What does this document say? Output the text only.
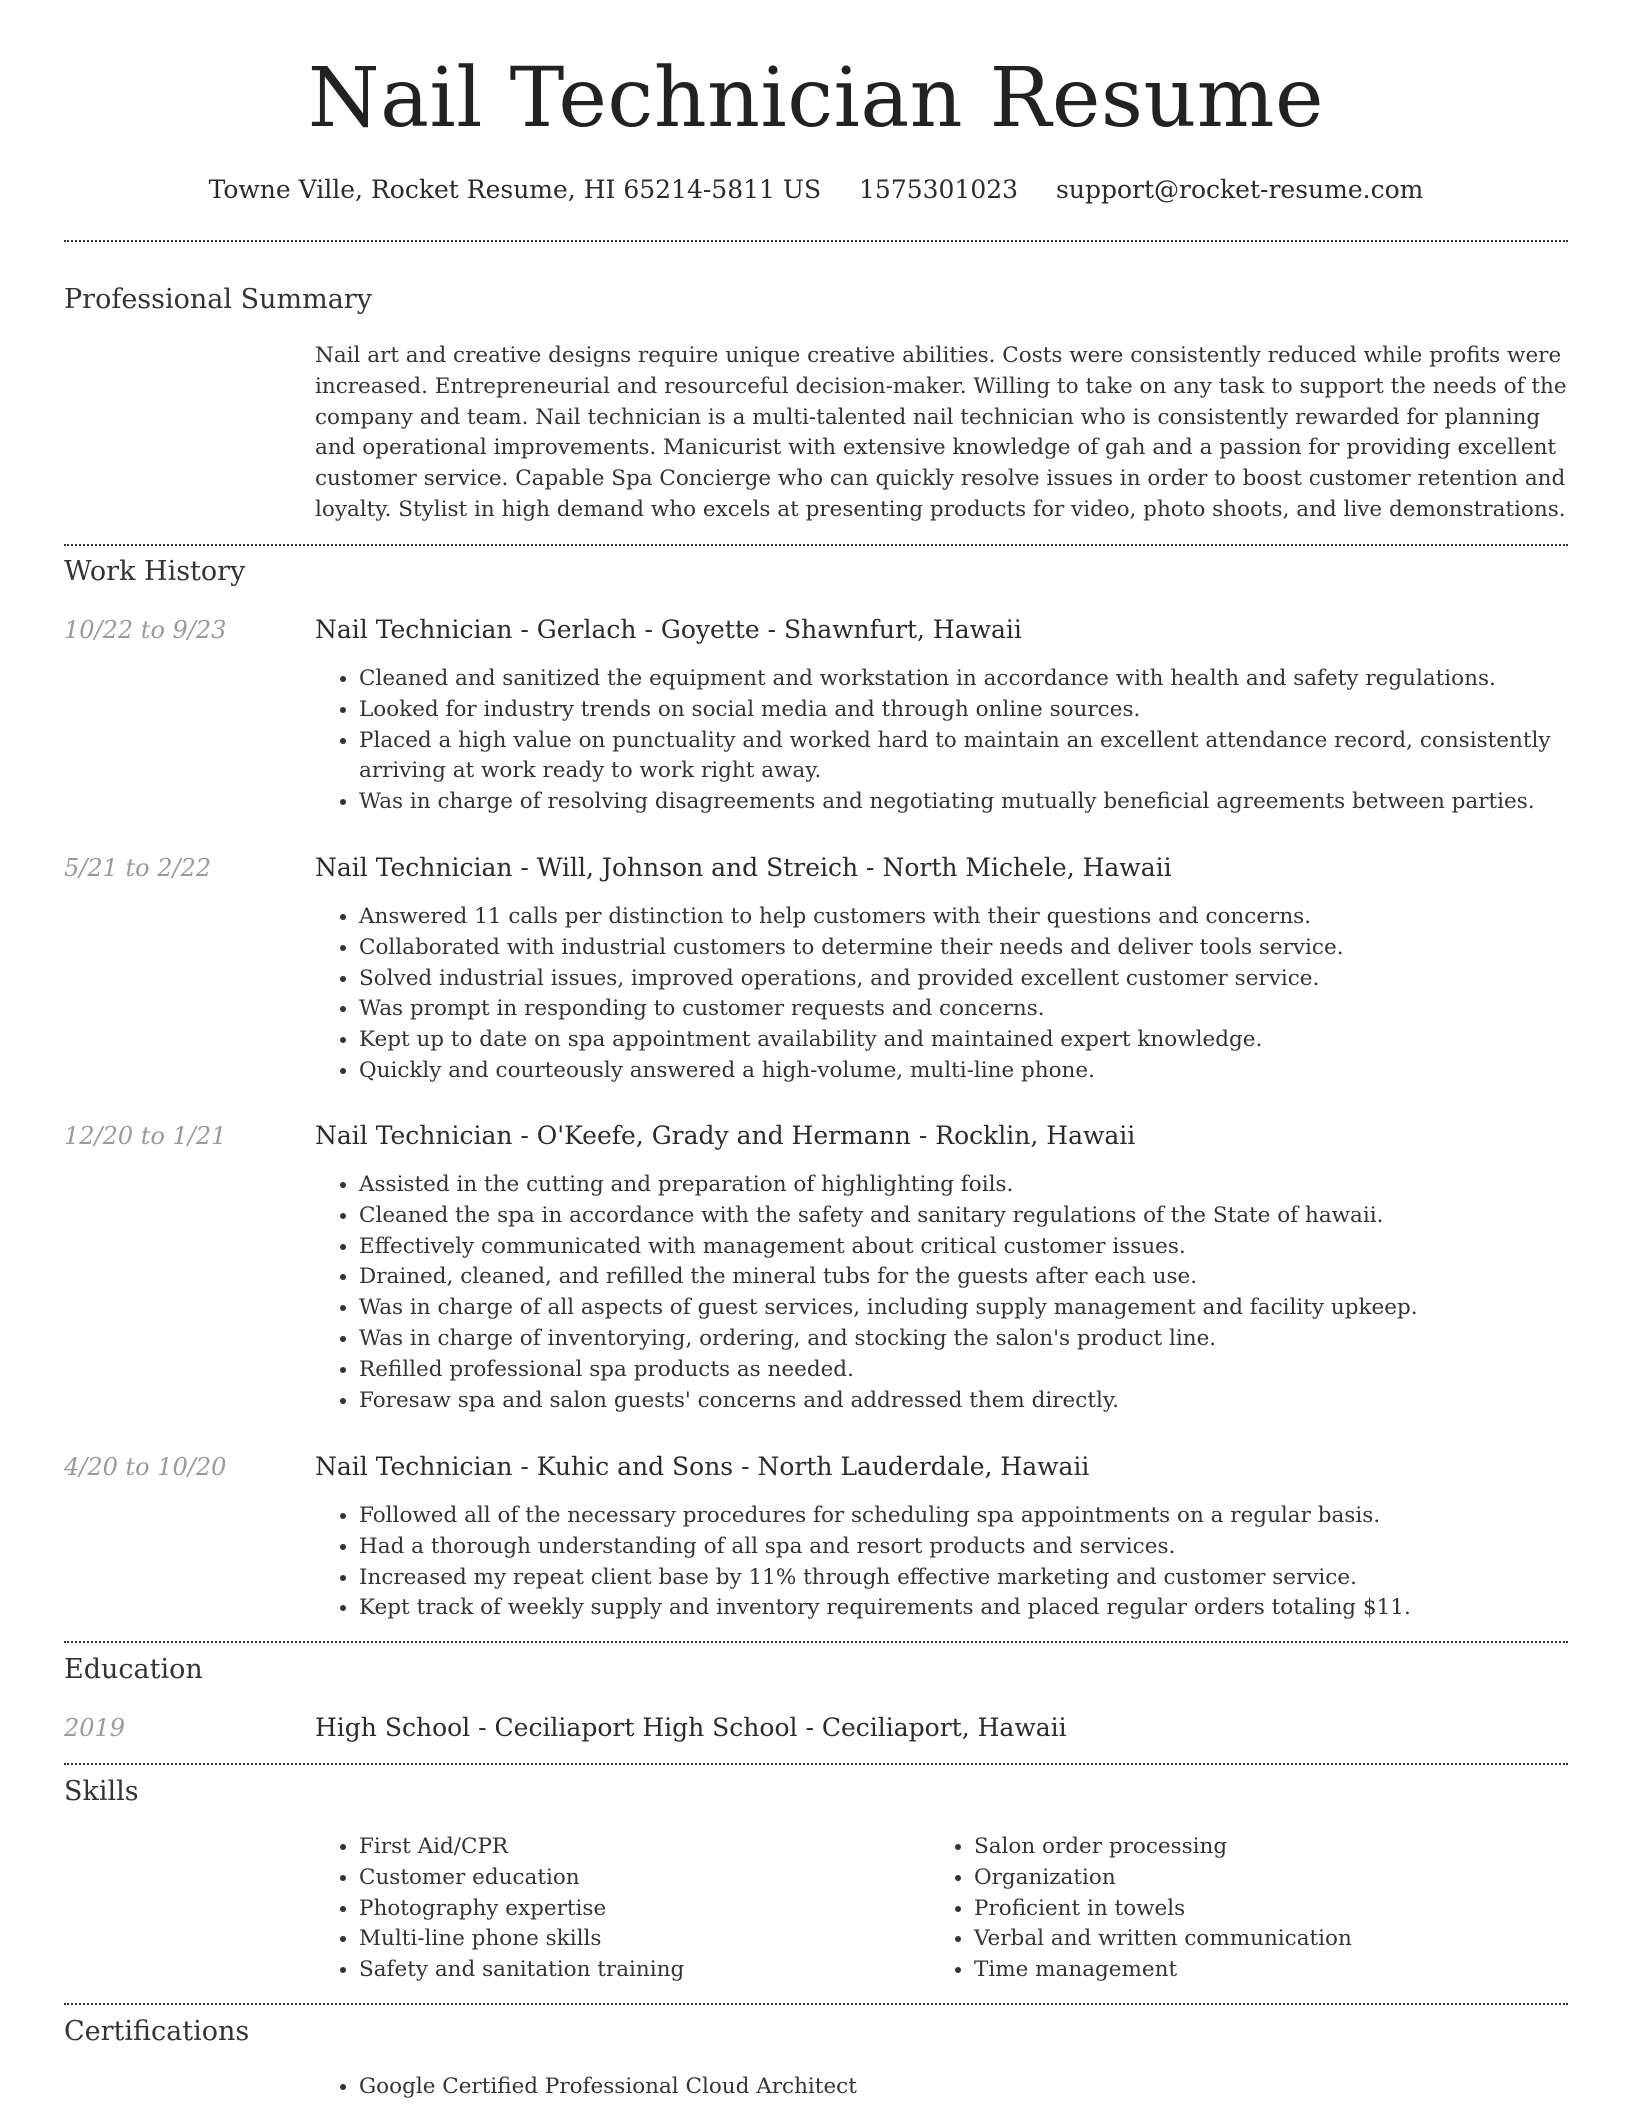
Nail Technician Resume
Towne Ville, Rocket Resume, HI 65214-5811 US 1575301023 support@rocket-resume.com
Professional Summary

Nail art and creative designs require unique creative abilities. Costs were consistently reduced while profits were increased. Entrepreneurial and resourceful decision-maker. Willing to take on any task to support the needs of the company and team. Nail technician is a multi-talented nail technician who is consistently rewarded for planning and operational improvements. Manicurist with extensive knowledge of gah and a passion for providing excellent customer service. Capable Spa Concierge who can quickly resolve issues in order to boost customer retention and loyalty. Stylist in high demand who excels at presenting products for video, photo shoots, and live demonstrations.

Work History
10/22 to 9/23	Nail Technician - Gerlach - Goyette - Shawnfurt, Hawaii
• Cleaned and sanitized the equipment and workstation in accordance with health and safety regulations.
• Looked for industry trends on social media and through online sources.
• Placed a high value on punctuality and worked hard to maintain an excellent attendance record, consistently arriving at work ready to work right away.
• Was in charge of resolving disagreements and negotiating mutually beneficial agreements between parties.
5/21 to 2/22	Nail Technician - Will, Johnson and Streich - North Michele, Hawaii
• Answered 11 calls per distinction to help customers with their questions and concerns.
• Collaborated with industrial customers to determine their needs and deliver tools service.
• Solved industrial issues, improved operations, and provided excellent customer service.
• Was prompt in responding to customer requests and concerns.
• Kept up to date on spa appointment availability and maintained expert knowledge.
• Quickly and courteously answered a high-volume, multi-line phone.
12/20 to 1/21	Nail Technician - O'Keefe, Grady and Hermann - Rocklin, Hawaii
• Assisted in the cutting and preparation of highlighting foils.
• Cleaned the spa in accordance with the safety and sanitary regulations of the State of hawaii.
• Effectively communicated with management about critical customer issues.
• Drained, cleaned, and refilled the mineral tubs for the guests after each use.
• Was in charge of all aspects of guest services, including supply management and facility upkeep.
• Was in charge of inventorying, ordering, and stocking the salon's product line.
• Refilled professional spa products as needed.
• Foresaw spa and salon guests' concerns and addressed them directly.
4/20 to 10/20	Nail Technician - Kuhic and Sons - North Lauderdale, Hawaii
• Followed all of the necessary procedures for scheduling spa appointments on a regular basis.
• Had a thorough understanding of all spa and resort products and services.
• Increased my repeat client base by 11% through effective marketing and customer service.
• Kept track of weekly supply and inventory requirements and placed regular orders totaling $11.
Education
2019	High School - Ceciliaport High School - Ceciliaport, Hawaii
Skills
• First Aid/CPR
• Customer education
• Photography expertise
• Multi-line phone skills
• Safety and sanitation training
• Salon order processing
• Organization
• Proficient in towels
• Verbal and written communication
• Time management
Certifications
• Google Certified Professional Cloud Architect
